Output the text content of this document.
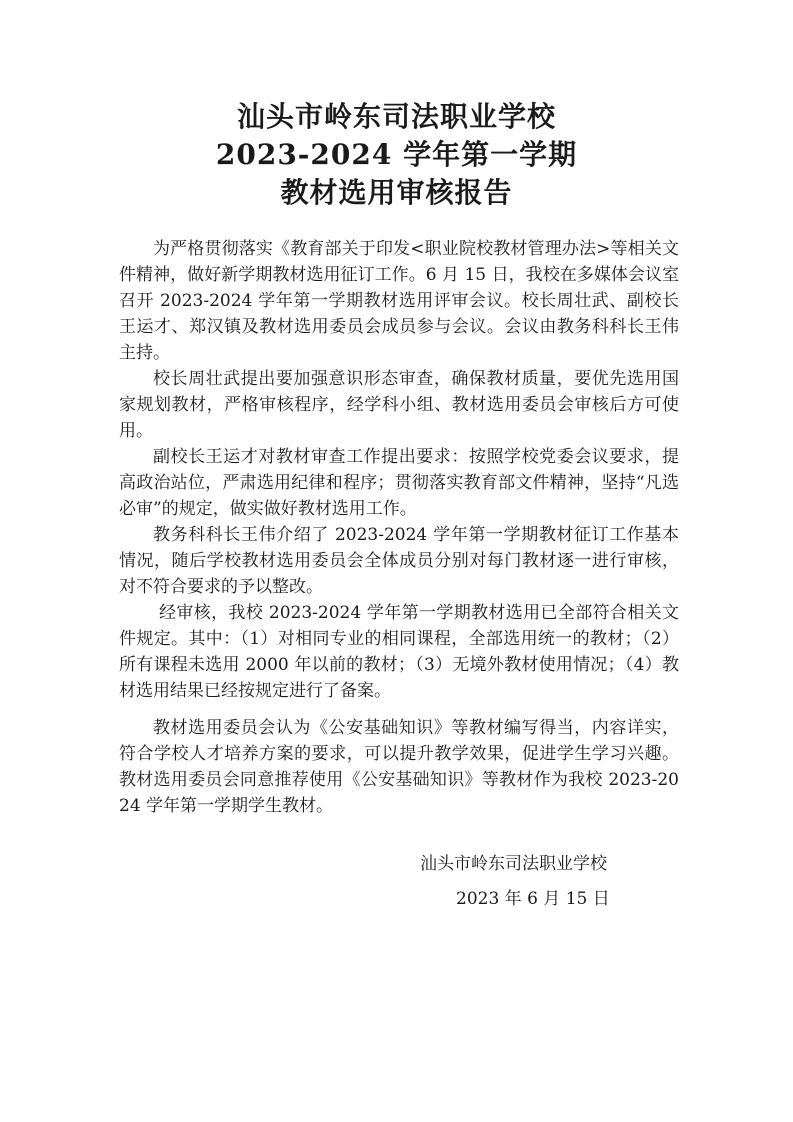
汕头市岭东司法职业学校
2023-2024 学年第一学期
教材选用审核报告

为严格贯彻落实《教育部关于印发<职业院校教材管理办法>等相关文件精神，做好新学期教材选用征订工作。6 月 15 日，我校在多媒体会议室召开 2023-2024 学年第一学期教材选用评审会议。校长周壮武、副校长王运才、郑汉镇及教材选用委员会成员参与会议。会议由教务科科长王伟主持。

校长周壮武提出要加强意识形态审查，确保教材质量，要优先选用国家规划教材，严格审核程序，经学科小组、教材选用委员会审核后方可使用。

副校长王运才对教材审查工作提出要求：按照学校党委会议要求，提高政治站位，严肃选用纪律和程序；贯彻落实教育部文件精神，坚持“凡选必审”的规定，做实做好教材选用工作。

教务科科长王伟介绍了 2023-2024 学年第一学期教材征订工作基本情况，随后学校教材选用委员会全体成员分别对每门教材逐一进行审核，对不符合要求的予以整改。

经审核，我校 2023-2024 学年第一学期教材选用已全部符合相关文件规定。其中：（1）对相同专业的相同课程，全部选用统一的教材；（2）所有课程未选用 2000 年以前的教材；（3）无境外教材使用情况；（4）教材选用结果已经按规定进行了备案。

教材选用委员会认为《公安基础知识》等教材编写得当，内容详实，符合学校人才培养方案的要求，可以提升教学效果，促进学生学习兴趣。教材选用委员会同意推荐使用《公安基础知识》等教材作为我校 2023-2024 学年第一学期学生教材。

汕头市岭东司法职业学校
2023 年 6 月 15 日
